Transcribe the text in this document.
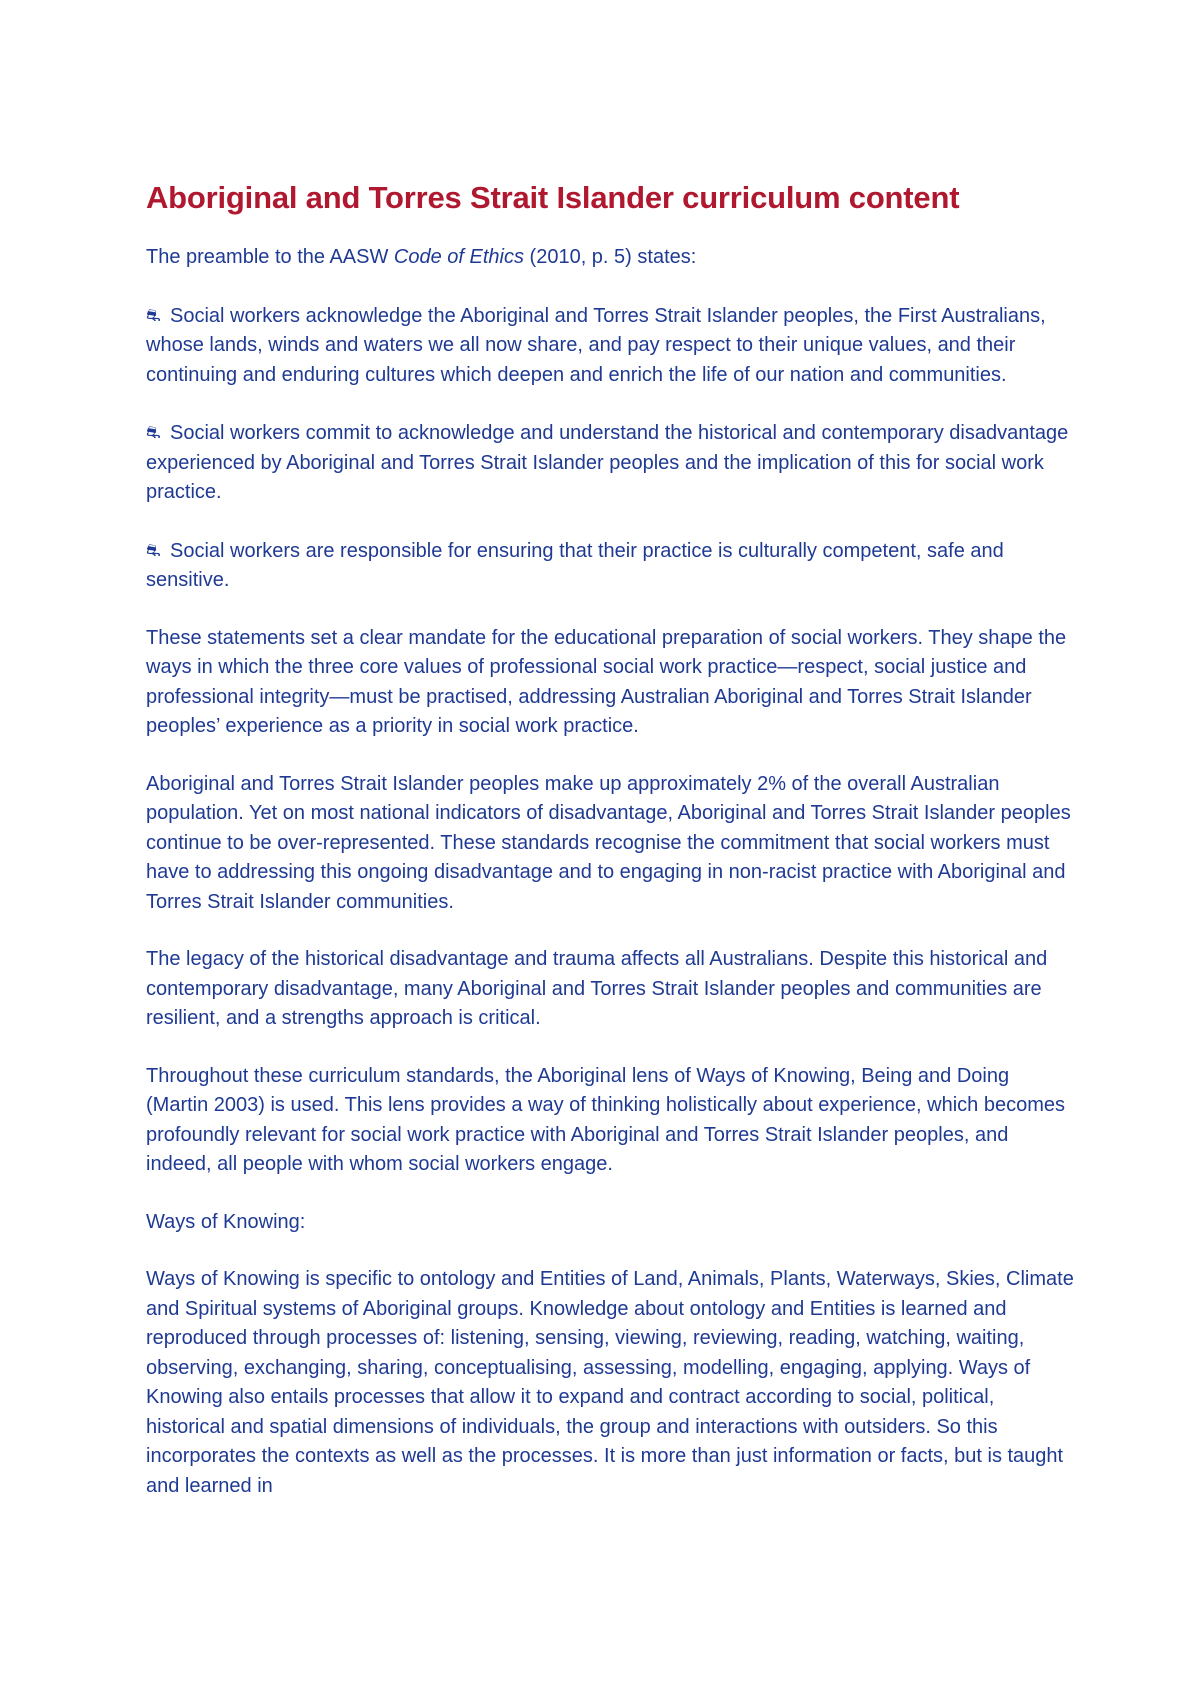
Aboriginal and Torres Strait Islander curriculum content

The preamble to the AASW Code of Ethics (2010, p. 5) states:

⛐ Social workers acknowledge the Aboriginal and Torres Strait Islander peoples, the First Australians, whose lands, winds and waters we all now share, and pay respect to their unique values, and their continuing and enduring cultures which deepen and enrich the life of our nation and communities.
⛐ Social workers commit to acknowledge and understand the historical and contemporary disadvantage experienced by Aboriginal and Torres Strait Islander peoples and the implication of this for social work practice.
⛐ Social workers are responsible for ensuring that their practice is culturally competent, safe and sensitive.

These statements set a clear mandate for the educational preparation of social workers. They shape the ways in which the three core values of professional social work practice—respect, social justice and professional integrity—must be practised, addressing Australian Aboriginal and Torres Strait Islander peoples’ experience as a priority in social work practice.

Aboriginal and Torres Strait Islander peoples make up approximately 2% of the overall Australian population. Yet on most national indicators of disadvantage, Aboriginal and Torres Strait Islander peoples continue to be over-represented. These standards recognise the commitment that social workers must have to addressing this ongoing disadvantage and to engaging in non-racist practice with Aboriginal and Torres Strait Islander communities.

The legacy of the historical disadvantage and trauma affects all Australians. Despite this historical and contemporary disadvantage, many Aboriginal and Torres Strait Islander peoples and communities are resilient, and a strengths approach is critical.

Throughout these curriculum standards, the Aboriginal lens of Ways of Knowing, Being and Doing (Martin 2003) is used. This lens provides a way of thinking holistically about experience, which becomes profoundly relevant for social work practice with Aboriginal and Torres Strait Islander peoples, and indeed, all people with whom social workers engage.

Ways of Knowing:

Ways of Knowing is specific to ontology and Entities of Land, Animals, Plants, Waterways, Skies, Climate and Spiritual systems of Aboriginal groups. Knowledge about ontology and Entities is learned and reproduced through processes of: listening, sensing, viewing, reviewing, reading, watching, waiting, observing, exchanging, sharing, conceptualising, assessing, modelling, engaging, applying. Ways of Knowing also entails processes that allow it to expand and contract according to social, political, historical and spatial dimensions of individuals, the group and interactions with outsiders. So this incorporates the contexts as well as the processes. It is more than just information or facts, but is taught and learned in
